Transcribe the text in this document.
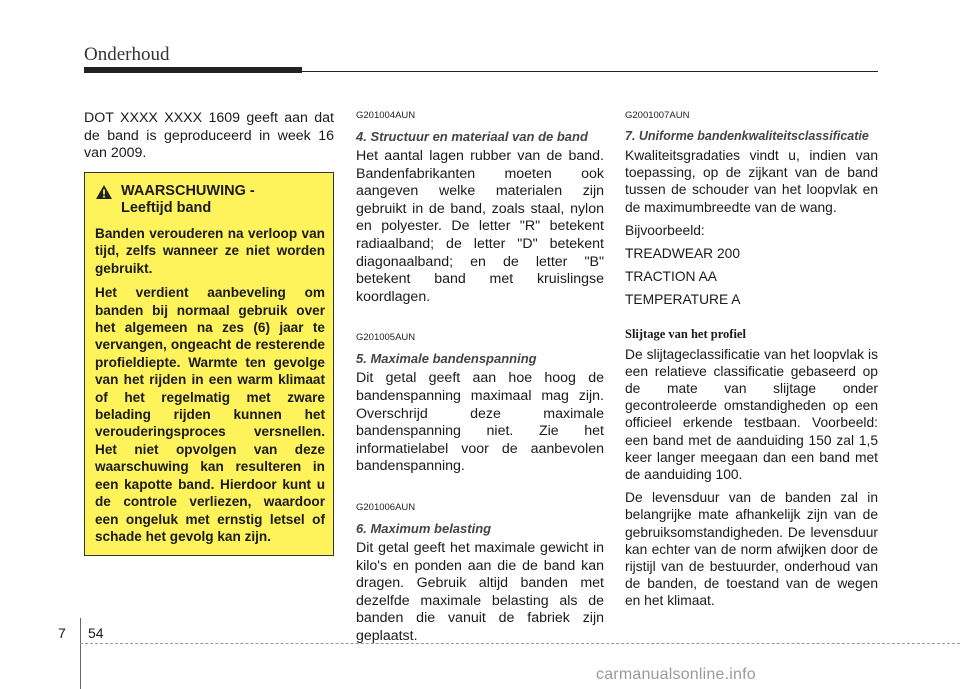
Onderhoud

DOT XXXX XXXX 1609 geeft aan dat de band is geproduceerd in week 16 van 2009.

WAARSCHUWING -
Leeftijd band

Banden verouderen na verloop van tijd, zelfs wanneer ze niet worden gebruikt.

Het verdient aanbeveling om banden bij normaal gebruik over het algemeen na zes (6) jaar te vervangen, ongeacht de resterende profieldiepte. Warmte ten gevolge van het rijden in een warm klimaat of het regelmatig met zware belading rijden kunnen het verouderingsproces versnellen. Het niet opvolgen van deze waarschuwing kan resulteren in een kapotte band. Hierdoor kunt u de controle verliezen, waardoor een ongeluk met ernstig letsel of schade het gevolg kan zijn.

G201004AUN
4. Structuur en materiaal van de band

Het aantal lagen rubber van de band. Bandenfabrikanten moeten ook aangeven welke materialen zijn gebruikt in de band, zoals staal, nylon en polyester. De letter "R" betekent radiaalband; de letter "D" betekent diagonaalband; en de letter "B" betekent band met kruislingse koordlagen.

G201005AUN
5. Maximale bandenspanning

Dit getal geeft aan hoe hoog de bandenspanning maximaal mag zijn. Overschrijd deze maximale bandenspanning niet. Zie het informatielabel voor de aanbevolen bandenspanning.

G201006AUN
6. Maximum belasting

Dit getal geeft het maximale gewicht in kilo's en ponden aan die de band kan dragen. Gebruik altijd banden met dezelfde maximale belasting als de banden die vanuit de fabriek zijn geplaatst.

G2001007AUN
7. Uniforme bandenkwaliteitsclassificatie

Kwaliteitsgradaties vindt u, indien van toepassing, op de zijkant van de band tussen de schouder van het loopvlak en de maximumbreedte van de wang.

Bijvoorbeeld:

TREADWEAR 200

TRACTION AA

TEMPERATURE A

Slijtage van het profiel

De slijtageclassificatie van het loopvlak is een relatieve classificatie gebaseerd op de mate van slijtage onder gecontroleerde omstandigheden op een officieel erkende testbaan. Voorbeeld: een band met de aanduiding 150 zal 1,5 keer langer meegaan dan een band met de aanduiding 100.

De levensduur van de banden zal in belangrijke mate afhankelijk zijn van de gebruiksomstandigheden. De levensduur kan echter van de norm afwijken door de rijstijl van de bestuurder, onderhoud van de banden, de toestand van de wegen en het klimaat.

7 54
carmanualsonline.info
